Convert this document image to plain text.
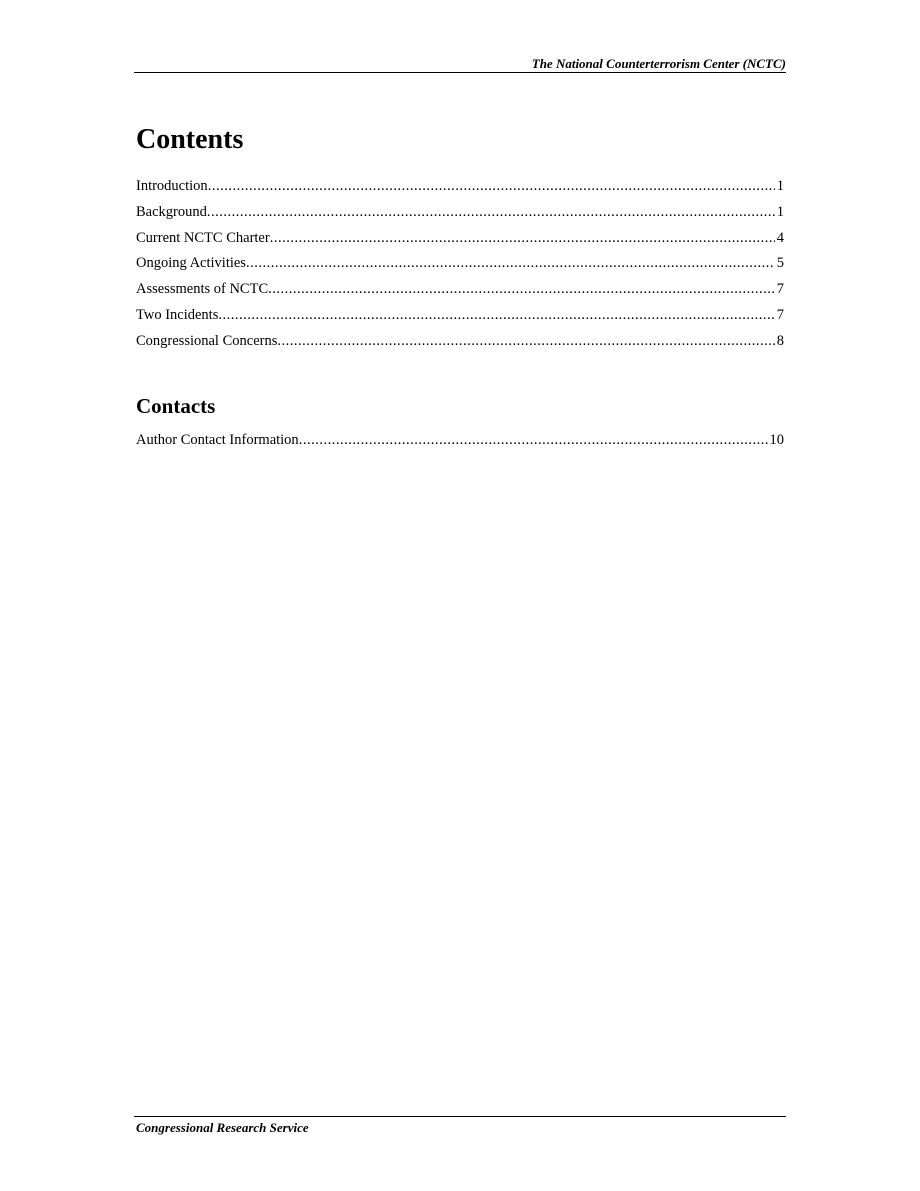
The National Counterterrorism Center (NCTC)
Contents
Introduction .....	1
Background .....	1
Current NCTC Charter .....	4
Ongoing Activities .....	5
Assessments of NCTC .....	7
Two Incidents .....	7
Congressional Concerns .....	8
Contacts
Author Contact Information .....	10
Congressional Research Service
